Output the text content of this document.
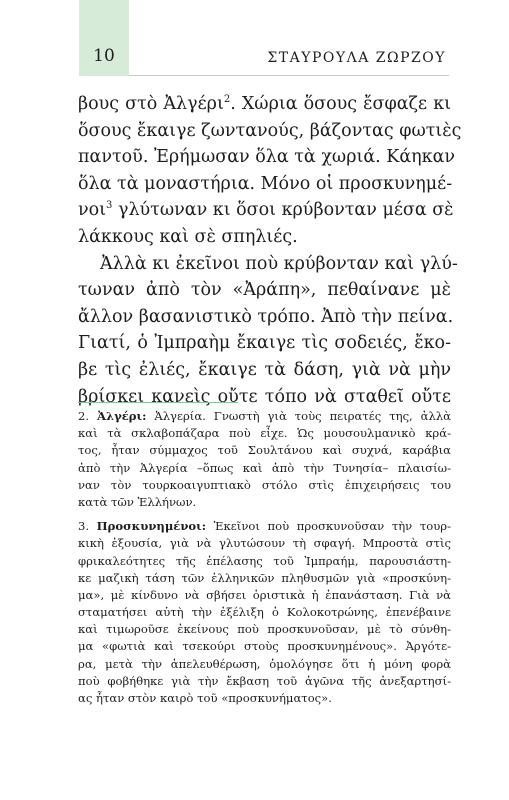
10	ΣΤΑΥΡΟΥΛΑ ΖΩΡΖΟΥ
βους στὸ Ἀλγέρι$^2$. Χώρια ὅσους ἔσφαζε κι
ὅσους ἔκαιγε ζωντανούς, βάζοντας φωτιὲς
παντοῦ. Ἐρήμωσαν ὅλα τὰ χωριά. Κάηκαν
ὅλα τὰ μοναστήρια. Μόνο οἱ προσκυνημέ-
νοι$^3$ γλύτωναν κι ὅσοι κρύβονταν μέσα σὲ
λάκκους καὶ σὲ σπηλιές.
Ἀλλὰ κι ἐκεῖνοι ποὺ κρύβονταν καὶ γλύ-
τωναν ἀπὸ τὸν «Ἀράπη», πεθαίνανε μὲ
ἄλλον βασανιστικὸ τρόπο. Ἀπὸ τὴν πείνα.
Γιατί, ὁ Ἰμπραὴμ ἔκαιγε τὶς σοδειές, ἔκο-
βε τὶς ἐλιές, ἔκαιγε τὰ δάση, γιὰ νὰ μὴν
βρίσκει κανεὶς οὔτε τόπο νὰ σταθεῖ οὔτε
2. Ἀλγέρι: Ἀλγερία. Γνωστὴ γιὰ τοὺς πειρατές της, ἀλλὰ
καὶ τὰ σκλαβοπάζαρα ποὺ εἶχε. Ὡς μουσουλμανικὸ κρά-
τος, ἦταν σύμμαχος τοῦ Σουλτάνου καὶ συχνά, καράβια
ἀπὸ τὴν Ἀλγερία –ὅπως καὶ ἀπὸ τὴν Τυνησία– πλαισίω-
ναν τὸν τουρκοαιγυπτιακὸ στόλο στὶς ἐπιχειρήσεις του
κατὰ τῶν Ἑλλήνων.
3. Προσκυνημένοι: Ἐκεῖνοι ποὺ προσκυνοῦσαν τὴν τουρ-
κικὴ ἐξουσία, γιὰ νὰ γλυτώσουν τὴ σφαγή. Μπροστὰ στὶς
φρικαλεότητες τῆς ἐπέλασης τοῦ Ἰμπραήμ, παρουσιάστη-
κε μαζικὴ τάση τῶν ἑλληνικῶν πληθυσμῶν γιὰ «προσκύνη-
μα», μὲ κίνδυνο νὰ σβήσει ὁριστικὰ ἡ ἐπανάσταση. Γιὰ νὰ
σταματήσει αὐτὴ τὴν ἐξέλιξη ὁ Κολοκοτρώνης, ἐπενέβαινε
καὶ τιμωροῦσε ἐκείνους ποὺ προσκυνοῦσαν, μὲ τὸ σύνθη-
μα «φωτιὰ καὶ τσεκούρι στοὺς προσκυνημένους». Ἀργότε-
ρα, μετὰ τὴν ἀπελευθέρωση, ὁμολόγησε ὅτι ἡ μόνη φορὰ
ποὺ φοβήθηκε γιὰ τὴν ἔκβαση τοῦ ἀγῶνα τῆς ἀνεξαρτησί-
ας ἦταν στὸν καιρὸ τοῦ «προσκυνήματος».
